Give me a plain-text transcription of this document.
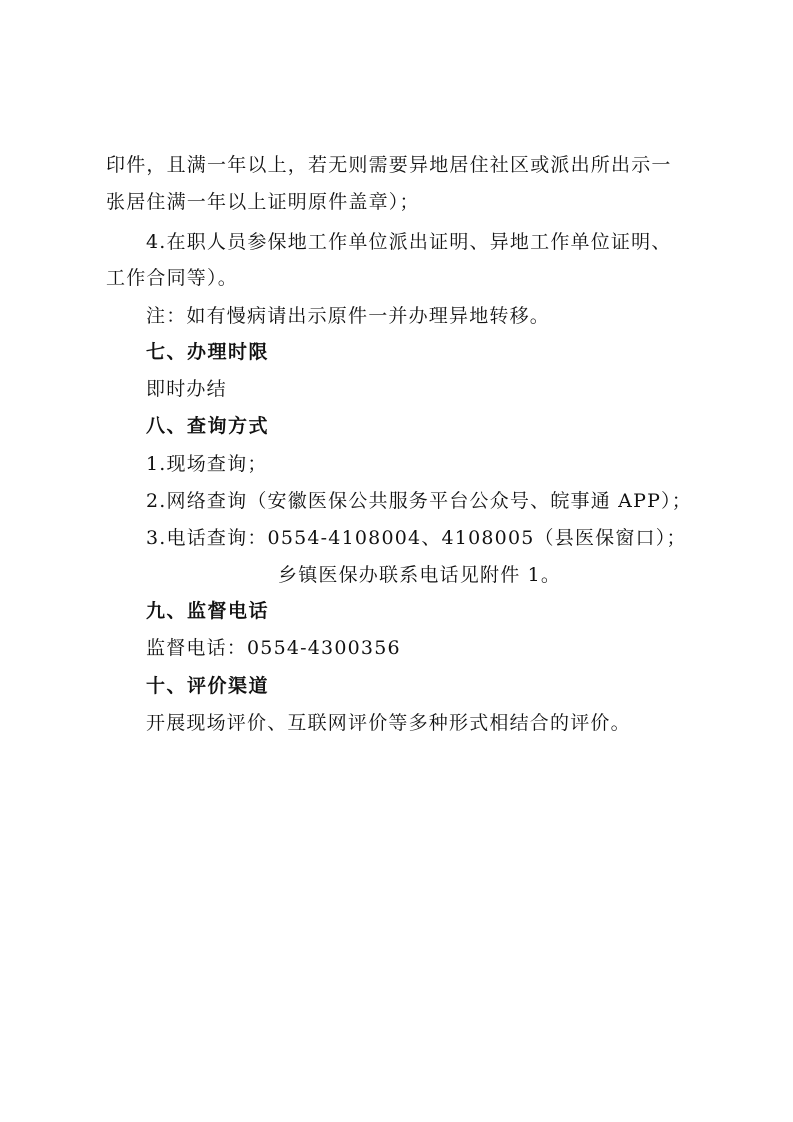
印件，且满一年以上，若无则需要异地居住社区或派出所出示一
张居住满一年以上证明原件盖章）；
4.在职人员参保地工作单位派出证明、异地工作单位证明、
工作合同等）。
注：如有慢病请出示原件一并办理异地转移。
七、办理时限
即时办结
八、查询方式
1.现场查询；
2.网络查询（安徽医保公共服务平台公众号、皖事通 APP）；
3.电话查询：0554-4108004、4108005（县医保窗口）；
乡镇医保办联系电话见附件 1。
九、监督电话
监督电话：0554-4300356
十、评价渠道
开展现场评价、互联网评价等多种形式相结合的评价。
